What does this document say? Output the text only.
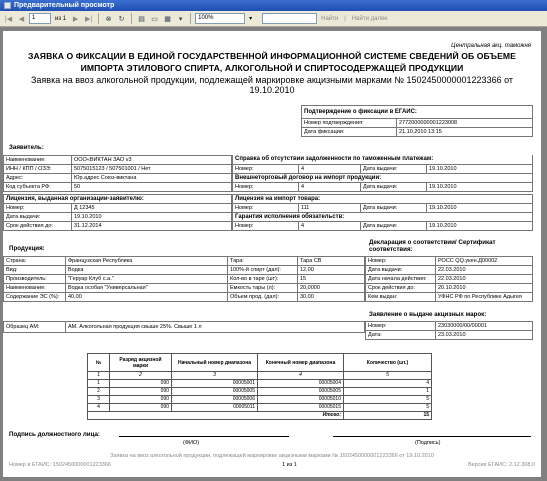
Предварительный просмотр
|◀ ◀	1	из 1 ▶ ▶|	⊗	↻	▤ ▭ ▦	▾	100%	▾	Найти	|	Найти далее
Центральная акц. таможня
ЗАЯВКА О ФИКСАЦИИ В ЕДИНОЙ ГОСУДАРСТВЕННОЙ ИНФОРМАЦИОННОЙ СИСТЕМЕ СВЕДЕНИЙ ОБ ОБЪЕМЕ
ИМПОРТА ЭТИЛОВОГО СПИРТА, АЛКОГОЛЬНОЙ И СПИРТОСОДЕРЖАЩЕЙ ПРОДУКЦИИ
Заявка на ввоз алкогольной продукции, подлежащей маркировке акцизными марками № 1502450000001223366 от 19.10.2010
Подтверждение о фиксации в ЕГАИС:	
Номер подтверждения:	2772000000001223008
Дата фиксации:	21.10.2010 13:15
Заявитель:
Наименование:	ООО«ВИКТАН ЗАО v3
ИНН / КПП / ОЗЭ:	5075015123 / 507501001 / Нет
Адрес:	Юр.адрес Союз-виктана
Код субъекта РФ:	50
Справка об отсутствии задолженности по таможенным платежам:			
Номер:	4	Дата выдачи:	19.10.2010
Внешнеторговый договор на импорт продукции:			
Номер:	4	Дата выдачи:	19.10.2010
Лицензия, выданная организации-заявителю:	
Номер:	Д 12345
Дата выдачи:	19.10.2010
Срок действия до:	31.12.2014
Лицензия на импорт товара:			
Номер:	111	Дата выдачи:	19.10.2010
Гарантия исполнения обязательств:			
Номер:	4	Дата выдачи:	19.10.2010
Продукция:
Страна:	Французская Республика	Тара:	Тара СВ
Вид:	Водка	100%-й спирт (дал):	12,00
Производитель:	"Геруар Клуб с.а."	Кол-во в таре (шт):	15
Наименование:	Водка особая "Универсальная"	Емкость тары (л):	20,0000
Содержание ЭС (%):	40,00	Объем прод. (дал):	30,00
Декларация о соответствии/ Сертификат соответствия:
Номер:	РОСС QQ.укен.Д00002
Дата выдачи:	22.03.2010
Дата начала действия:	22.03.2010
Срок действия до:	20.10.2010
Кем выдан:	УФНС РФ по Республике Адыгея
Образец АМ:	АМ. Алкогольная продукция свыше 25%. Свыше 1 л
Заявление о выдаче акцизных марок:
Номер:	23030000/00/00001
Дата:	23.03.2010
№	Разряд акцизной марки	Начальный номер диапазона	Конечный номер диапазона	Количество (шт.)
1	2	3	4	5
1	090	00005001	00005004	4
2	090	00005005	00005005	1
3	090	00005006	00005010	5
4	090	00005011	00005015	5
Итого:				15
Подпись должностного лица:
(ФИО)	(Подпись)
Заявка на ввоз алкогольной продукции, подлежащей маркировке акцизными марками № 1502450000001223366 от 19.10.2010
Номер в ЕГАИС: 1502450000001223366	1 из 1	Версия ЕГАИС: 2.12.308.0
